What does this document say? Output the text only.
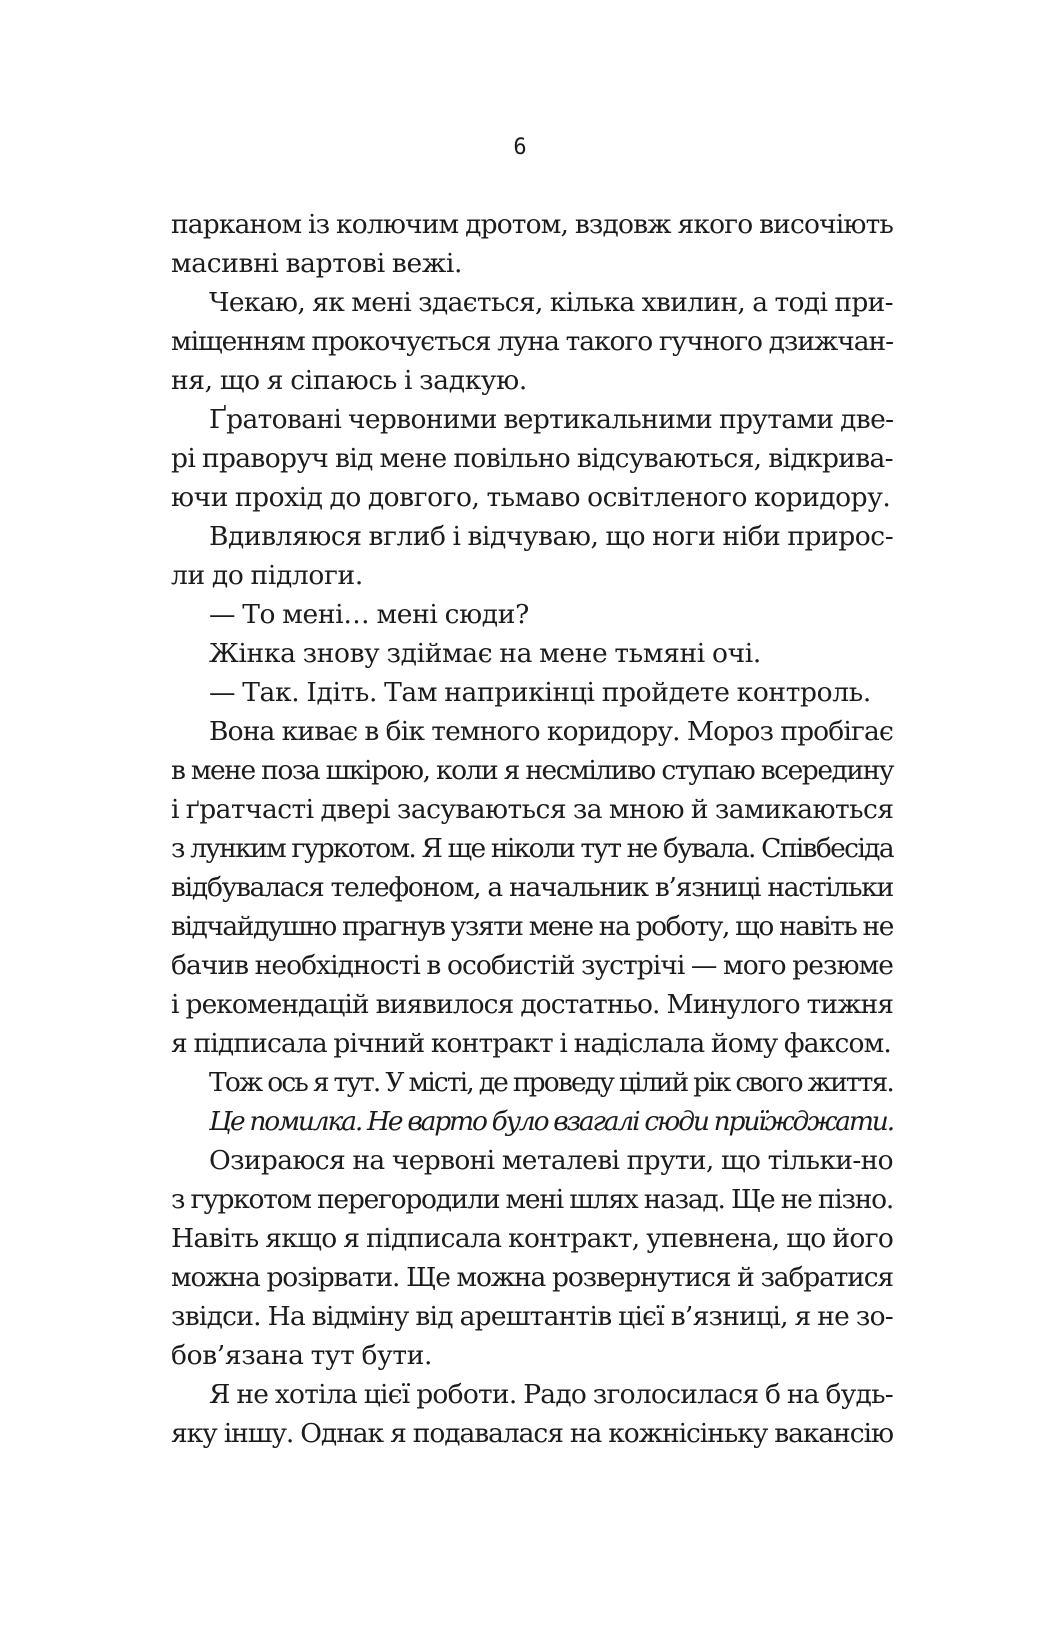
6
парканом із колючим дротом, вздовж якого височіють
масивні вартові вежі.
Чекаю, як мені здається, кілька хвилин, а тоді при-
міщенням прокочується луна такого гучного дзижчан-
ня, що я сіпаюсь і задкую.
Ґратовані червоними вертикальними прутами две-
рі праворуч від мене повільно відсуваються, відкрива-
ючи прохід до довгого, тьмаво освітленого коридору.
Вдивляюся вглиб і відчуваю, що ноги ніби прирос-
ли до підлоги.
— То мені… мені сюди?
Жінка знову здіймає на мене тьмяні очі.
— Так. Ідіть. Там наприкінці пройдете контроль.
Вона киває в бік темного коридору. Мороз пробігає
в мене поза шкірою, коли я несміливо ступаю всередину
і ґратчасті двері засуваються за мною й замикаються
з лунким гуркотом. Я ще ніколи тут не бувала. Співбесіда
відбувалася телефоном, а начальник в’язниці настільки
відчайдушно прагнув узяти мене на роботу, що навіть не
бачив необхідності в особистій зустрічі — мого резюме
і рекомендацій виявилося достатньо. Минулого тижня
я підписала річний контракт і надіслала йому факсом.
Тож ось я тут. У місті, де проведу цілий рік свого життя.
Це помилка. Не варто було взагалі сюди приїжджати.
Озираюся на червоні металеві прути, що тільки-но
з гуркотом перегородили мені шлях назад. Ще не пізно.
Навіть якщо я підписала контракт, упевнена, що його
можна розірвати. Ще можна розвернутися й забратися
звідси. На відміну від арештантів цієї в’язниці, я не зо-
бов’язана тут бути.
Я не хотіла цієї роботи. Радо зголосилася б на будь-
яку іншу. Однак я подавалася на кожнісіньку вакансію
